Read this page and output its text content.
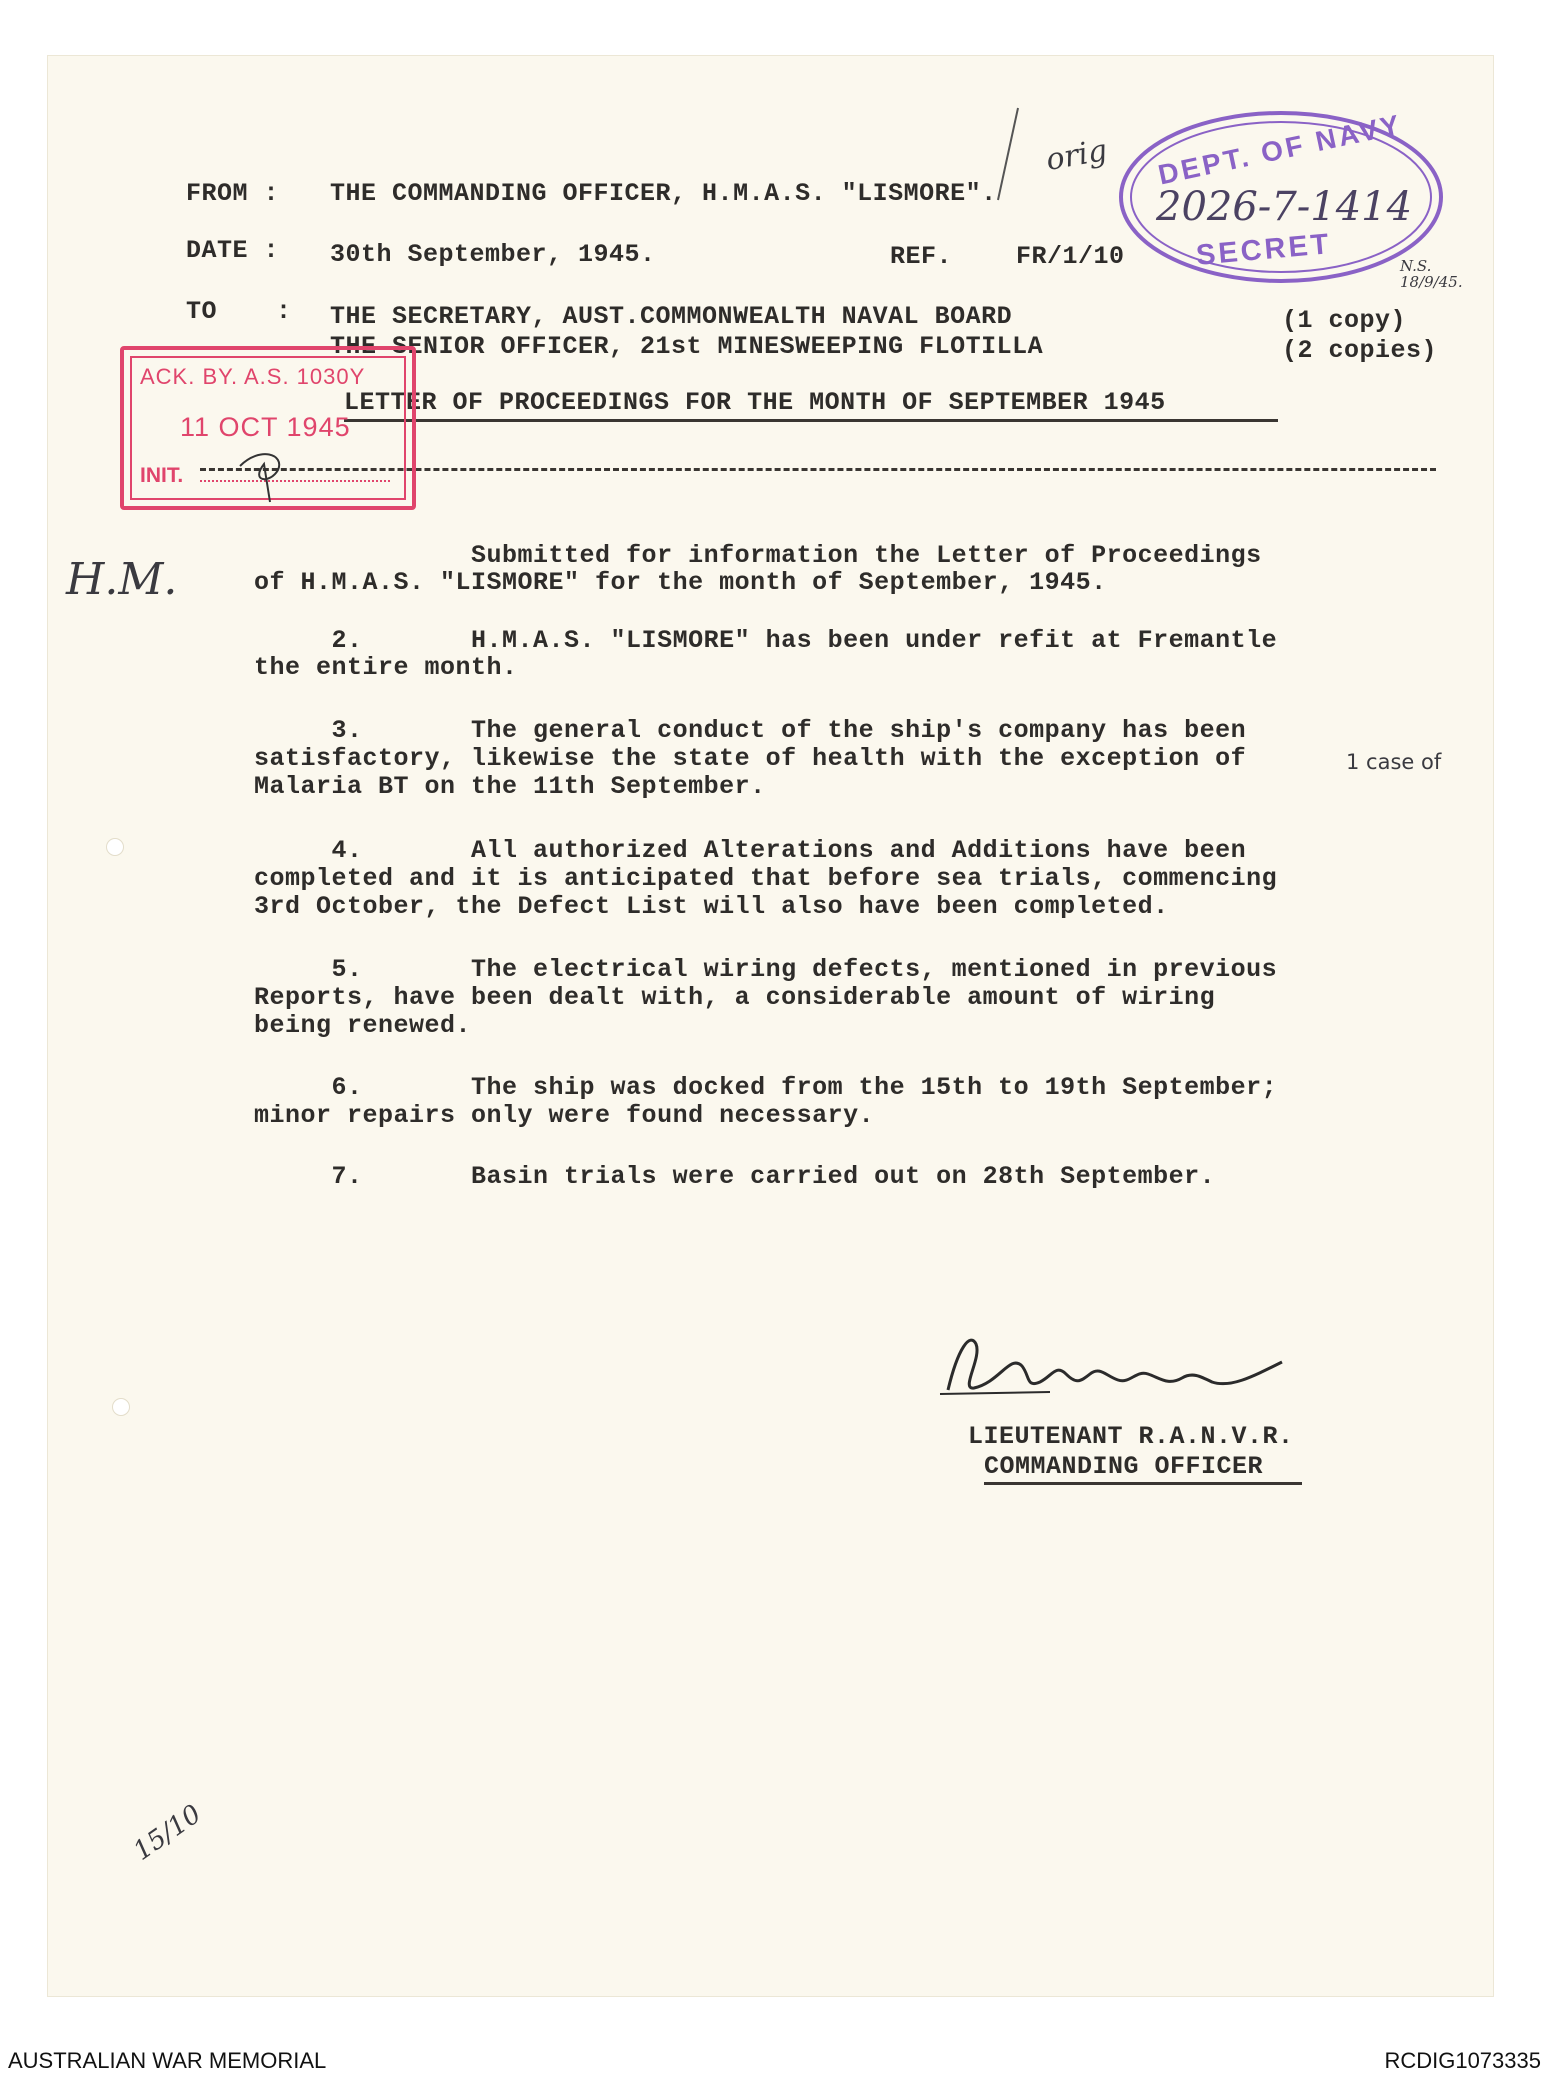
orig
FROM : THE COMMANDING OFFICER, H.M.A.S. "LISMORE".
DATE : 30th September, 1945.	REF.	FR/1/10
TO : THE SECRETARY, AUST.COMMONWEALTH NAVAL BOARD	(1 copy)
THE SENIOR OFFICER, 21st MINESWEEPING FLOTILLA	(2 copies)
LETTER OF PROCEEDINGS FOR THE MONTH OF SEPTEMBER 1945
ACK. BY. A.S. 1030Y
11 OCT 1945
INIT.
DEPT. OF NAVY
2026-7-1414
SECRET	N.S. 18/9/45.
H.M.	Submitted for information the Letter of Proceedings
of H.M.A.S. "LISMORE" for the month of September, 1945.
2.       H.M.A.S. "LISMORE" has been under refit at Fremantle
the entire month.
3.       The general conduct of the ship's company has been
satisfactory, likewise the state of health with the exception of	1 case of
Malaria BT on the 11th September.
4.       All authorized Alterations and Additions have been
completed and it is anticipated that before sea trials, commencing
3rd October, the Defect List will also have been completed.
5.       The electrical wiring defects, mentioned in previous
Reports, have been dealt with, a considerable amount of wiring
being renewed.
6.       The ship was docked from the 15th to 19th September;
minor repairs only were found necessary.
7.       Basin trials were carried out on 28th September.
LIEUTENANT R.A.N.V.R.
COMMANDING OFFICER
15/10
AUSTRALIAN WAR MEMORIAL	RCDIG1073335
